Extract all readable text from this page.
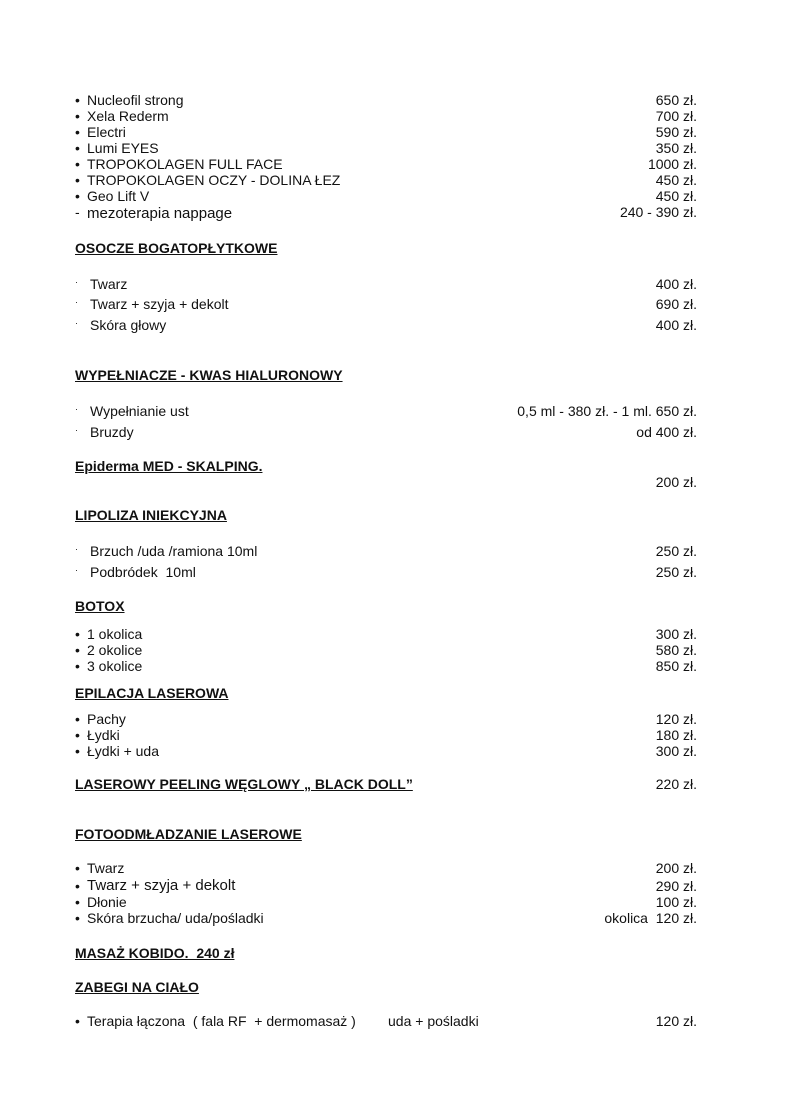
• Nucleofil strong	650 zł.
• Xela Rederm	700 zł.
• Electri	590 zł.
• Lumi EYES	350 zł.
• TROPOKOLAGEN FULL FACE	1000 zł.
• TROPOKOLAGEN OCZY - DOLINA ŁEZ	450 zł.
• Geo Lift V	450 zł.
- mezoterapia nappage	240 - 390 zł.
OSOCZE BOGATOPŁYTKOWE
· Twarz	400 zł.
· Twarz + szyja + dekolt	690 zł.
· Skóra głowy	400 zł.
WYPEŁNIACZE - KWAS HIALURONOWY
· Wypełnianie ust	0,5 ml - 380 zł. - 1 ml. 650 zł.
· Bruzdy	od 400 zł.
Epiderma MED - SKALPING.
200 zł.
LIPOLIZA INIEKCYJNA
· Brzuch /uda /ramiona 10ml	250 zł.
· Podbródek  10ml	250 zł.
BOTOX
• 1 okolica	300 zł.
• 2 okolice	580 zł.
• 3 okolice	850 zł.
EPILACJA LASEROWA
• Pachy	120 zł.
• Łydki	180 zł.
• Łydki + uda	300 zł.
LASEROWY PEELING WĘGLOWY „ BLACK DOLL”	220 zł.
FOTOODMŁADZANIE LASEROWE
• Twarz	200 zł.
• Twarz + szyja + dekolt	290 zł.
• Dłonie	100 zł.
• Skóra brzucha/ uda/pośladki	okolica  120 zł.
MASAŻ KOBIDO.  240 zł
ZABEGI NA CIAŁO
• Terapia łączona  ( fala RF  + dermomasaż ) uda + pośladki	120 zł.
